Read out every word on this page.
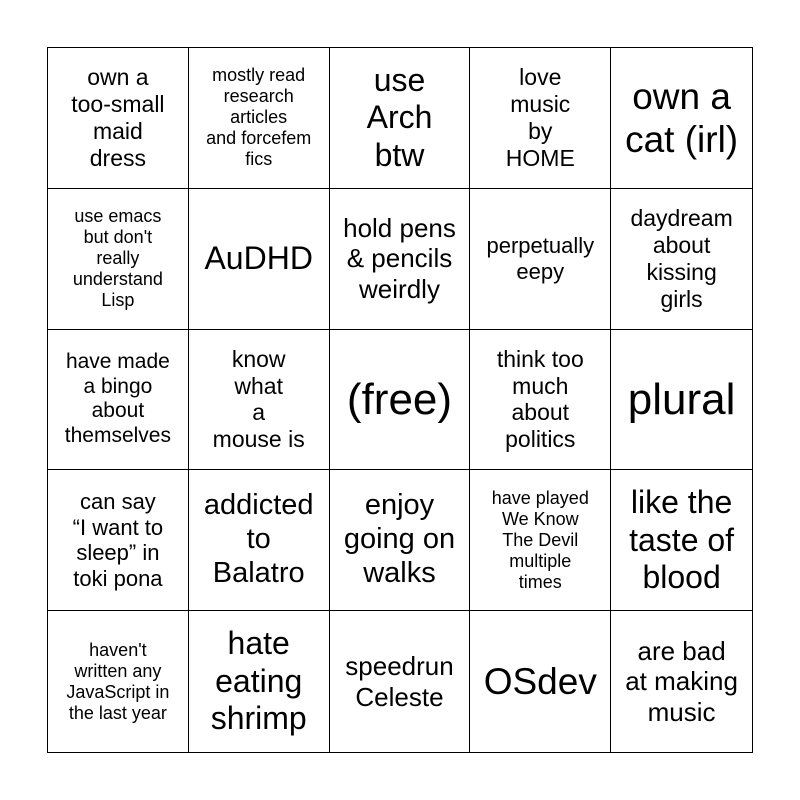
own a
too-small
maid
dress
mostly read
research
articles
and forcefem
fics
use
Arch
btw
love
music
by
HOME
own a
cat (irl)
use emacs
but don't
really
understand
Lisp
AuDHD
hold pens
& pencils
weirdly
perpetually
eepy
daydream
about
kissing
girls
have made
a bingo
about
themselves
know
what
a
mouse is
(free)
think too
much
about
politics
plural
can say
“I want to
sleep” in
toki pona
addicted
to
Balatro
enjoy
going on
walks
have played
We Know
The Devil
multiple
times
like the
taste of
blood
haven't
written any
JavaScript in
the last year
hate
eating
shrimp
speedrun
Celeste OSdev
are bad
at making
music
